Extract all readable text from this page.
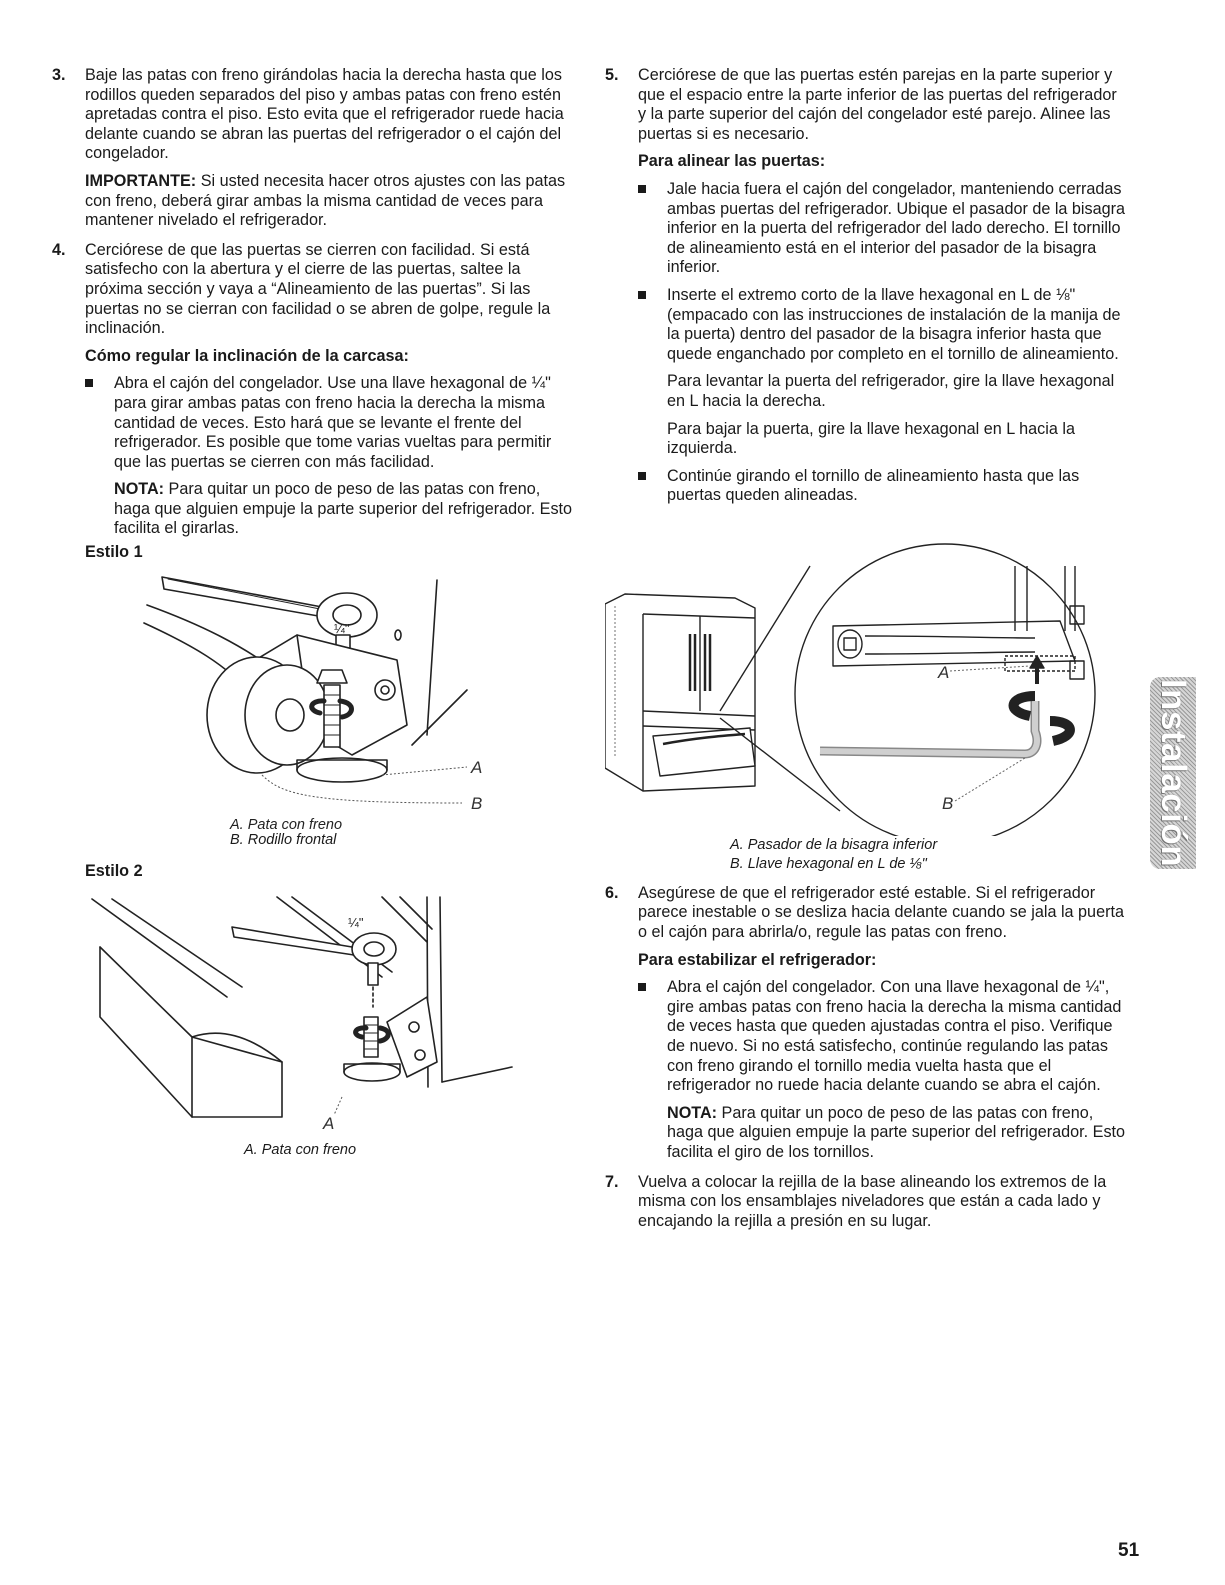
3. Baje las patas con freno girándolas hacia la derecha hasta que los rodillos queden separados del piso y ambas patas con freno estén apretadas contra el piso. Esto evita que el refrigerador ruede hacia delante cuando se abran las puertas del refrigerador o el cajón del congelador.

IMPORTANTE: Si usted necesita hacer otros ajustes con las patas con freno, deberá girar ambas la misma cantidad de veces para mantener nivelado el refrigerador.

4. Cerciórese de que las puertas se cierren con facilidad. Si está satisfecho con la abertura y el cierre de las puertas, saltee la próxima sección y vaya a “Alineamiento de las puertas”. Si las puertas no se cierran con facilidad o se abren de golpe, regule la inclinación.

Cómo regular la inclinación de la carcasa:
Abra el cajón del congelador. Use una llave hexagonal de ¼" para girar ambas patas con freno hacia la derecha la misma cantidad de veces. Esto hará que se levante el frente del refrigerador. Es posible que tome varias vueltas para permitir que las puertas se cierren con más facilidad.

NOTA: Para quitar un poco de peso de las patas con freno, haga que alguien empuje la parte superior del refrigerador. Esto facilita el girarlas.

Estilo 1
¼"
A
B
A. Pata con freno
B. Rodillo frontal
Estilo 2
¼"
A
A. Pata con freno
5. Cerciórese de que las puertas estén parejas en la parte superior y que el espacio entre la parte inferior de las puertas del refrigerador y la parte superior del cajón del congelador esté parejo. Alinee las puertas si es necesario.

Para alinear las puertas:
Jale hacia fuera el cajón del congelador, manteniendo cerradas ambas puertas del refrigerador. Ubique el pasador de la bisagra inferior en la puerta del refrigerador del lado derecho. El tornillo de alineamiento está en el interior del pasador de la bisagra inferior.
Inserte el extremo corto de la llave hexagonal en L de ⅛" (empacado con las instrucciones de instalación de la manija de la puerta) dentro del pasador de la bisagra inferior hasta que quede enganchado por completo en el tornillo de alineamiento.

Para levantar la puerta del refrigerador, gire la llave hexagonal en L hacia la derecha.

Para bajar la puerta, gire la llave hexagonal en L hacia la izquierda.

Continúe girando el tornillo de alineamiento hasta que las puertas queden alineadas.
A
B
A. Pasador de la bisagra inferior
B. Llave hexagonal en L de ⅛"
6. Asegúrese de que el refrigerador esté estable. Si el refrigerador parece inestable o se desliza hacia delante cuando se jala la puerta o el cajón para abrirla/o, regule las patas con freno.

Para estabilizar el refrigerador:
Abra el cajón del congelador. Con una llave hexagonal de ¼", gire ambas patas con freno hacia la derecha la misma cantidad de veces hasta que queden ajustadas contra el piso. Verifique de nuevo. Si no está satisfecho, continúe regulando las patas con freno girando el tornillo media vuelta hasta que el refrigerador no ruede hacia delante cuando se abra el cajón.

NOTA: Para quitar un poco de peso de las patas con freno, haga que alguien empuje la parte superior del refrigerador. Esto facilita el giro de los tornillos.

7. Vuelva a colocar la rejilla de la base alineando los extremos de la misma con los ensamblajes niveladores que están a cada lado y encajando la rejilla a presión en su lugar.

Instalación
51
